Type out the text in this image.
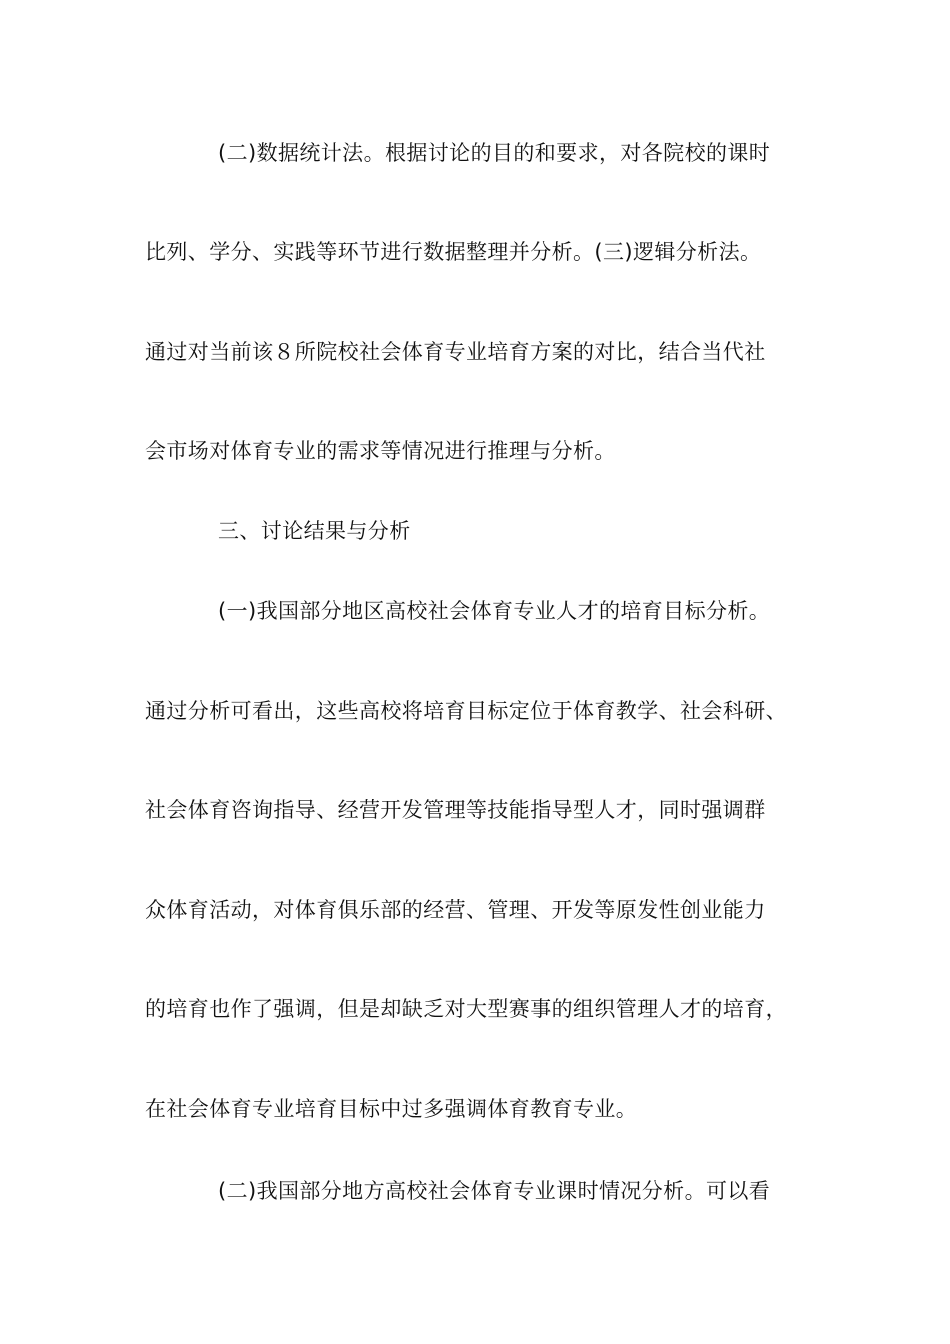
(二)数据统计法。根据讨论的目的和要求，对各院校的课时
比列、学分、实践等环节进行数据整理并分析。(三)逻辑分析法。
通过对当前该８所院校社会体育专业培育方案的对比，结合当代社
会市场对体育专业的需求等情况进行推理与分析。
三、讨论结果与分析
(一)我国部分地区高校社会体育专业人才的培育目标分析。
通过分析可看出，这些高校将培育目标定位于体育教学、社会科研、
社会体育咨询指导、经营开发管理等技能指导型人才，同时强调群
众体育活动，对体育俱乐部的经营、管理、开发等原发性创业能力
的培育也作了强调，但是却缺乏对大型赛事的组织管理人才的培育，
在社会体育专业培育目标中过多强调体育教育专业。
(二)我国部分地方高校社会体育专业课时情况分析。可以看
